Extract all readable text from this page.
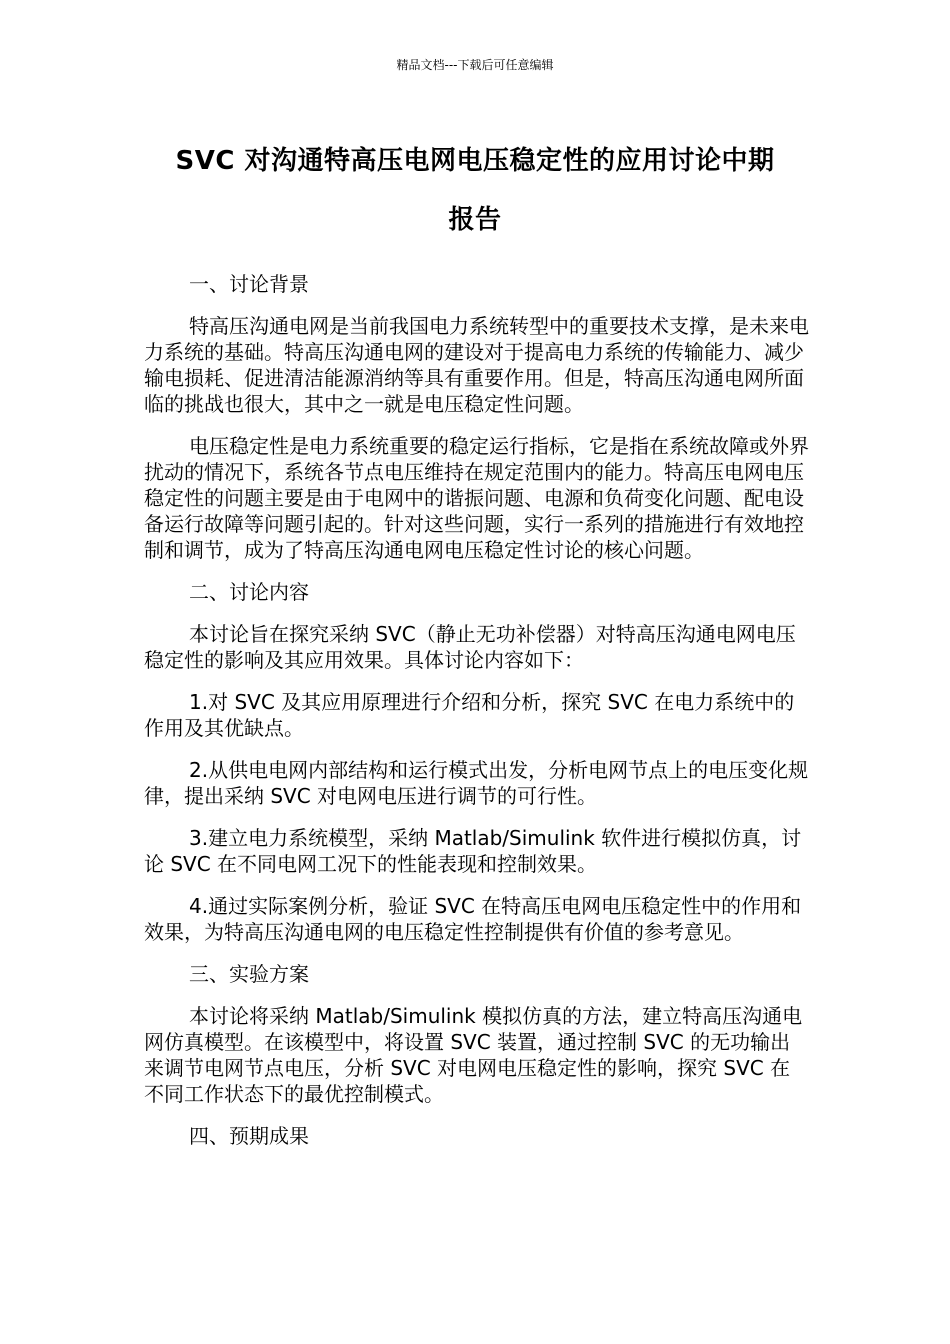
精品文档---下载后可任意编辑
SVC 对沟通特高压电网电压稳定性的应用讨论中期
报告

一、讨论背景

特高压沟通电网是当前我国电力系统转型中的重要技术支撑，是未来电力系统的基础。特高压沟通电网的建设对于提高电力系统的传输能力、减少输电损耗、促进清洁能源消纳等具有重要作用。但是，特高压沟通电网所面临的挑战也很大，其中之一就是电压稳定性问题。

电压稳定性是电力系统重要的稳定运行指标，它是指在系统故障或外界扰动的情况下，系统各节点电压维持在规定范围内的能力。特高压电网电压稳定性的问题主要是由于电网中的谐振问题、电源和负荷变化问题、配电设备运行故障等问题引起的。针对这些问题，实行一系列的措施进行有效地控制和调节，成为了特高压沟通电网电压稳定性讨论的核心问题。

二、讨论内容

本讨论旨在探究采纳 SVC（静止无功补偿器）对特高压沟通电网电压稳定性的影响及其应用效果。具体讨论内容如下：

1.对 SVC 及其应用原理进行介绍和分析，探究 SVC 在电力系统中的作用及其优缺点。

2.从供电电网内部结构和运行模式出发，分析电网节点上的电压变化规律，提出采纳 SVC 对电网电压进行调节的可行性。

3.建立电力系统模型，采纳 Matlab/Simulink 软件进行模拟仿真，讨论 SVC 在不同电网工况下的性能表现和控制效果。

4.通过实际案例分析，验证 SVC 在特高压电网电压稳定性中的作用和效果，为特高压沟通电网的电压稳定性控制提供有价值的参考意见。

三、实验方案

本讨论将采纳 Matlab/Simulink 模拟仿真的方法，建立特高压沟通电网仿真模型。在该模型中，将设置 SVC 装置，通过控制 SVC 的无功输出来调节电网节点电压，分析 SVC 对电网电压稳定性的影响，探究 SVC 在不同工作状态下的最优控制模式。

四、预期成果
